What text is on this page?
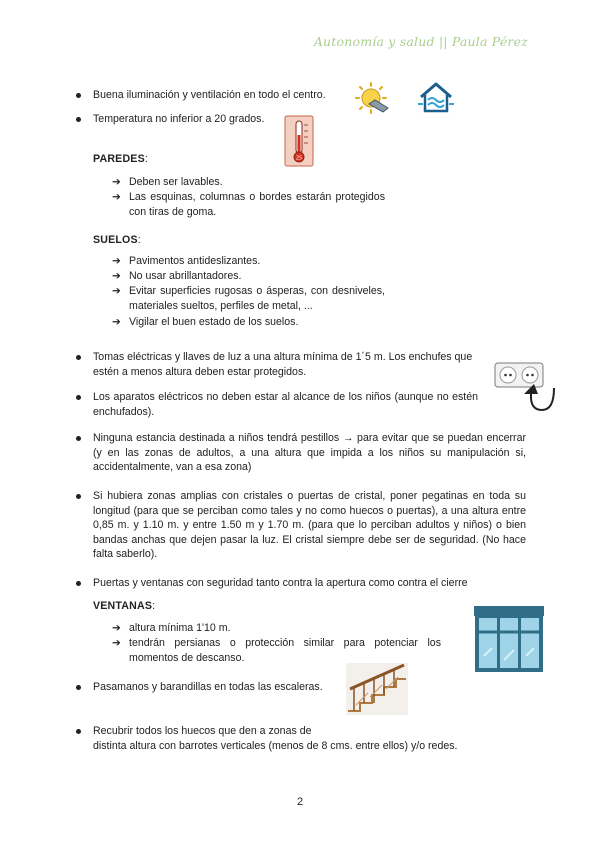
Autonomía y salud || Paula Pérez
Buena iluminación y ventilación en todo el centro.
Temperatura no inferior a 20 grados.
25
PAREDES:
➔ Deben ser lavables.
➔ Las esquinas, columnas o bordes estarán protegidos con tiras de goma.
SUELOS:
➔ Pavimentos antideslizantes.
➔ No usar abrillantadores.
➔ Evitar superficies rugosas o ásperas, con desniveles, materiales sueltos, perfiles de metal, ...
➔ Vigilar el buen estado de los suelos.
Tomas eléctricas y llaves de luz a una altura mínima de 1´5 m. Los enchufes que estén a menos altura deben estar protegidos.
Los aparatos eléctricos no deben estar al alcance de los niños (aunque no estén enchufados).
Ninguna estancia destinada a niños tendrá pestillos → para evitar que se puedan encerrar (y en las zonas de adultos, a una altura que impida a los niños su manipulación si, accidentalmente, van a esa zona)
Si hubiera zonas amplias con cristales o puertas de cristal, poner pegatinas en toda su longitud (para que se perciban como tales y no como huecos o puertas), a una altura entre 0,85 m. y 1.10 m. y entre 1.50 m y 1.70 m. (para que lo perciban adultos y niños) o bien bandas anchas que dejen pasar la luz. El cristal siempre debe ser de seguridad. (No hace falta saberlo).
Puertas y ventanas con seguridad tanto contra la apertura como contra el cierre
VENTANAS:
➔ altura mínima 1'10 m.
➔ tendrán persianas o protección similar para potenciar los momentos de descanso.
Pasamanos y barandillas en todas las escaleras.
Recubrir todos los huecos que den a zonas de
distinta altura con barrotes verticales (menos de 8 cms. entre ellos) y/o redes.
2
